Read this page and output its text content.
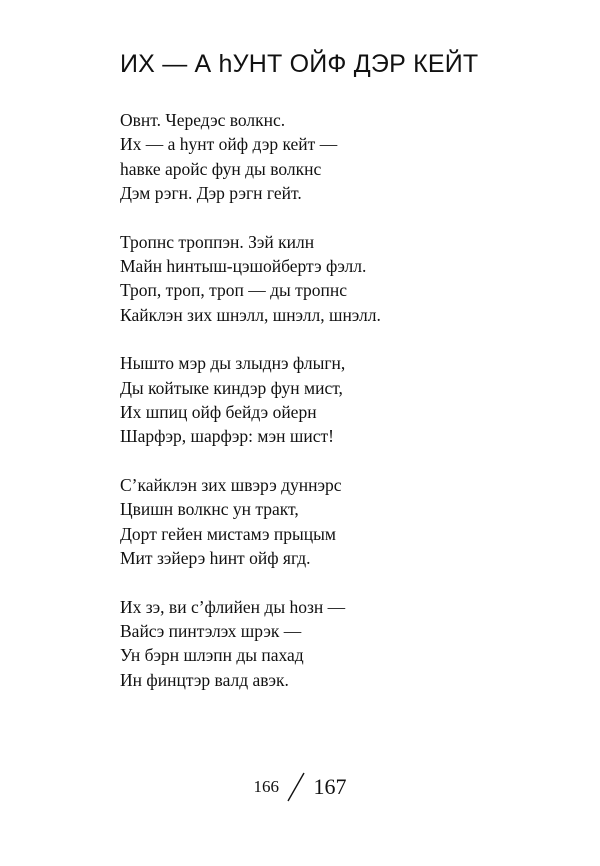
ИХ — А hУНТ ОЙФ ДЭР КЕЙТ
Овнт. Чередэс волкнс.
Их — а hунт ойф дэр кейт —
hавке аройс фун ды волкнс
Дэм рэгн. Дэр рэгн гейт.
Тропнс троппэн. Зэй килн
Майн hинтыш-цэшойбертэ фэлл.
Троп, троп, троп — ды тропнс
Кайклэн зих шнэлл, шнэлл, шнэлл.
Нышто мэр ды злыднэ флыгн,
Ды койтыке киндэр фун мист,
Их шпиц ойф бейдэ ойерн
Шарфэр, шарфэр: мэн шист!
С’кайклэн зих швэрэ дуннэрс
Цвишн волкнс ун тракт,
Дорт гейен мистамэ прыцым
Мит зэйерэ hинт ойф ягд.
Их зэ, ви с’флийен ды hозн —
Вайсэ пинтэлэх шрэк —
Ун бэрн шлэпн ды пахад
Ин финцтэр валд авэк.
166 167
